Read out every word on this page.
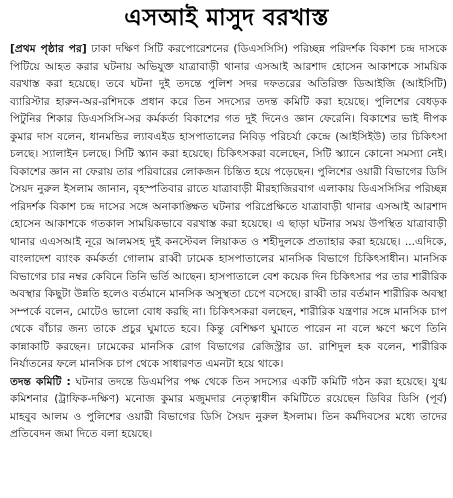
এসআই মাসুদ বরখাস্ত

[প্রথম পৃষ্ঠার পর] ঢাকা দক্ষিণ সিটি করপোরেশনের (ডিএসসিসি) পরিচ্ছন্ন পরিদর্শক বিকাশ চন্দ্র দাসকে পিটিয়ে আহত করার ঘটনায় অভিযুক্ত যাত্রাবাড়ী থানার এসআই আরশাদ হোসেন আকাশকে সাময়িক বরখাস্ত করা হয়েছে। তবে ঘটনা দুই তদন্তে পুলিশ সদর দফতরের অতিরিক্ত ডিআইজি (আইসিটি) ব্যারিস্টার হারুন-অর-রশিদকে প্রধান করে তিন সদস্যের তদন্ত কমিটি করা হয়েছে। পুলিশের বেধড়ক পিটুনির শিকার ডিএসসিসি-সর কর্মকর্তা বিকাশের গত দুই দিনেও জ্ঞান ফেরেনি। বিকাশের ভাই দীপক কুমার দাস বলেন, ধানমন্ডির ল্যাবএইড হাসপাতালের নিবিড় পরিচর্যা কেন্দ্রে (আইসিইউ) তার চিকিৎসা চলছে। স্যালাইন চলছে। সিটি স্ক্যান করা হয়েছে। চিকিৎসকরা বলেছেন, সিটি স্ক্যানে কোনো সমস্যা নেই। বিকাশের জ্ঞান না ফেরায় তার পরিবারের লোকজন চিন্তিত হয়ে পড়েছেন। পুলিশের ওয়ারী বিভাগের ডিসি সৈয়দ নুরুল ইসলাম জানান, বৃহস্পতিবার রাতে যাত্রাবাড়ী মীরহাজিরবাগ এলাকায় ডিএসসিসির পরিচ্ছন্ন পরিদর্শক বিকাশ চন্দ্র দাসের সঙ্গে অনাকাঙ্ক্ষিত ঘটনার পরিপ্রেক্ষিতে যাত্রাবাড়ী থানার এসআই আরশাদ হোসেন আকাশকে গতকাল সাময়িকভাবে বরখাস্ত করা হয়েছে। এ ছাড়া ঘটনার সময় উপস্থিত যাত্রাবাড়ী থানার এএসআই নূরে আলমসহ দুই কনস্টেবল লিয়াকত ও শহীদুলকে প্রত্যাহার করা হয়েছে। ...এদিকে, বাংলাদেশ ব্যাংক কর্মকর্তা গোলাম রাব্বী ঢামেক হাসপাতালের মানসিক বিভাগে চিকিৎসাধীন। মানসিক বিভাগের চার নম্বর কেবিনে তিনি ভর্তি আছেন। হাসপাতালে বেশ কয়েক দিন চিকিৎসার পর তার শারীরিক অবস্থার কিছুটা উন্নতি হলেও বর্তমানে মানসিক অসুস্থতা চেপে বসেছে। রাব্বী তার বর্তমান শারীরিক অবস্থা সম্পর্কে বলেন, মোটেও ভালো বোধ করছি না। চিকিৎসকরা বলছেন, শারীরিক যন্ত্রণার সঙ্গে মানসিক চাপ থেকে বাঁচার জন্য তাকে প্রচুর ঘুমাতে হবে। কিন্তু বেশিক্ষণ ঘুমাতে পারেন না বলে ক্ষণে ক্ষণে তিনি কান্নাকাটি করছেন। ঢামেকের মানসিক রোগ বিভাগের রেজিস্ট্রার ডা. রাশিদুল হক বলেন, শারীরিক নির্যাতনের ফলে মানসিক চাপ থেকে সাধারণত এমনটা হয়ে থাকে।

তদন্ত কমিটি : ঘটনার তদন্তে ডিএমপির পক্ষ থেকে তিন সদস্যের একটি কমিটি গঠন করা হয়েছে। যুগ্ম কমিশনার (ট্রাফিক-দক্ষিণ) মনোজ কুমার মজুমদার নেতৃত্বাধীন কমিটিতে রয়েছেন ডিবির ডিসি (পূর্ব) মাহবুব আলম ও পুলিশের ওয়ারী বিভাগের ডিসি সৈয়দ নুরুল ইসলাম। তিন কর্মদিবসের মধ্যে তাদের প্রতিবেদন জমা দিতে বলা হয়েছে।
